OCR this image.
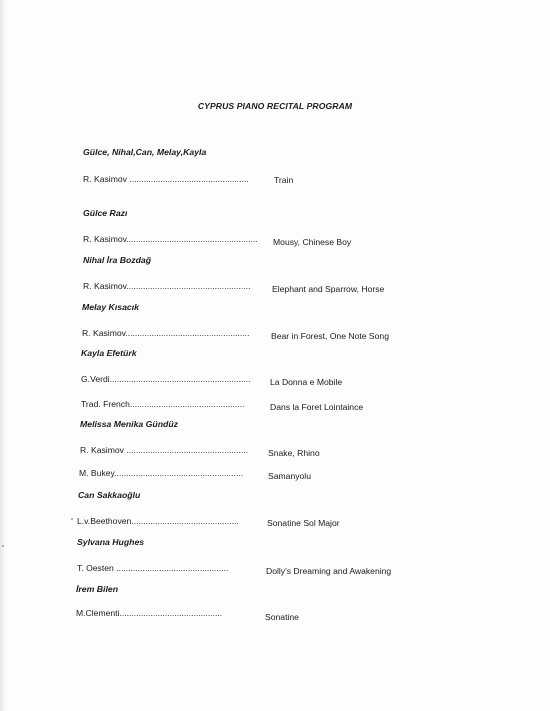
CYPRUS PIANO RECITAL PROGRAM
Gülce, Nihal,Can, Melay,Kayla
R. Kasimov ..................................................	Train
Gülce Razı
R. Kasimov....................................................... Mousy, Chinese Boy
Nihal İra Bozdağ
R. Kasimov....................................................	Elephant and Sparrow, Horse
Melay Kısacık
R. Kasimov....................................................	Bear in Forest, One Note Song
Kayla Efetürk
G.Verdi........................................................... La Donna e Mobile
Trad. French................................................	Dans la Foret Lointaince
Melissa Menika Gündüz
R. Kasimov ................................................... Snake, Rhino
M. Bukey......................................................	Samanyolu
Can Sakkaoğlu
L.v.Beethoven.............................................	Sonatine Sol Major
Sylvana Hughes
T. Oesten ...............................................	Dolly's Dreaming and Awakening
İrem Bilen
M.Clementi...........................................	Sonatine
